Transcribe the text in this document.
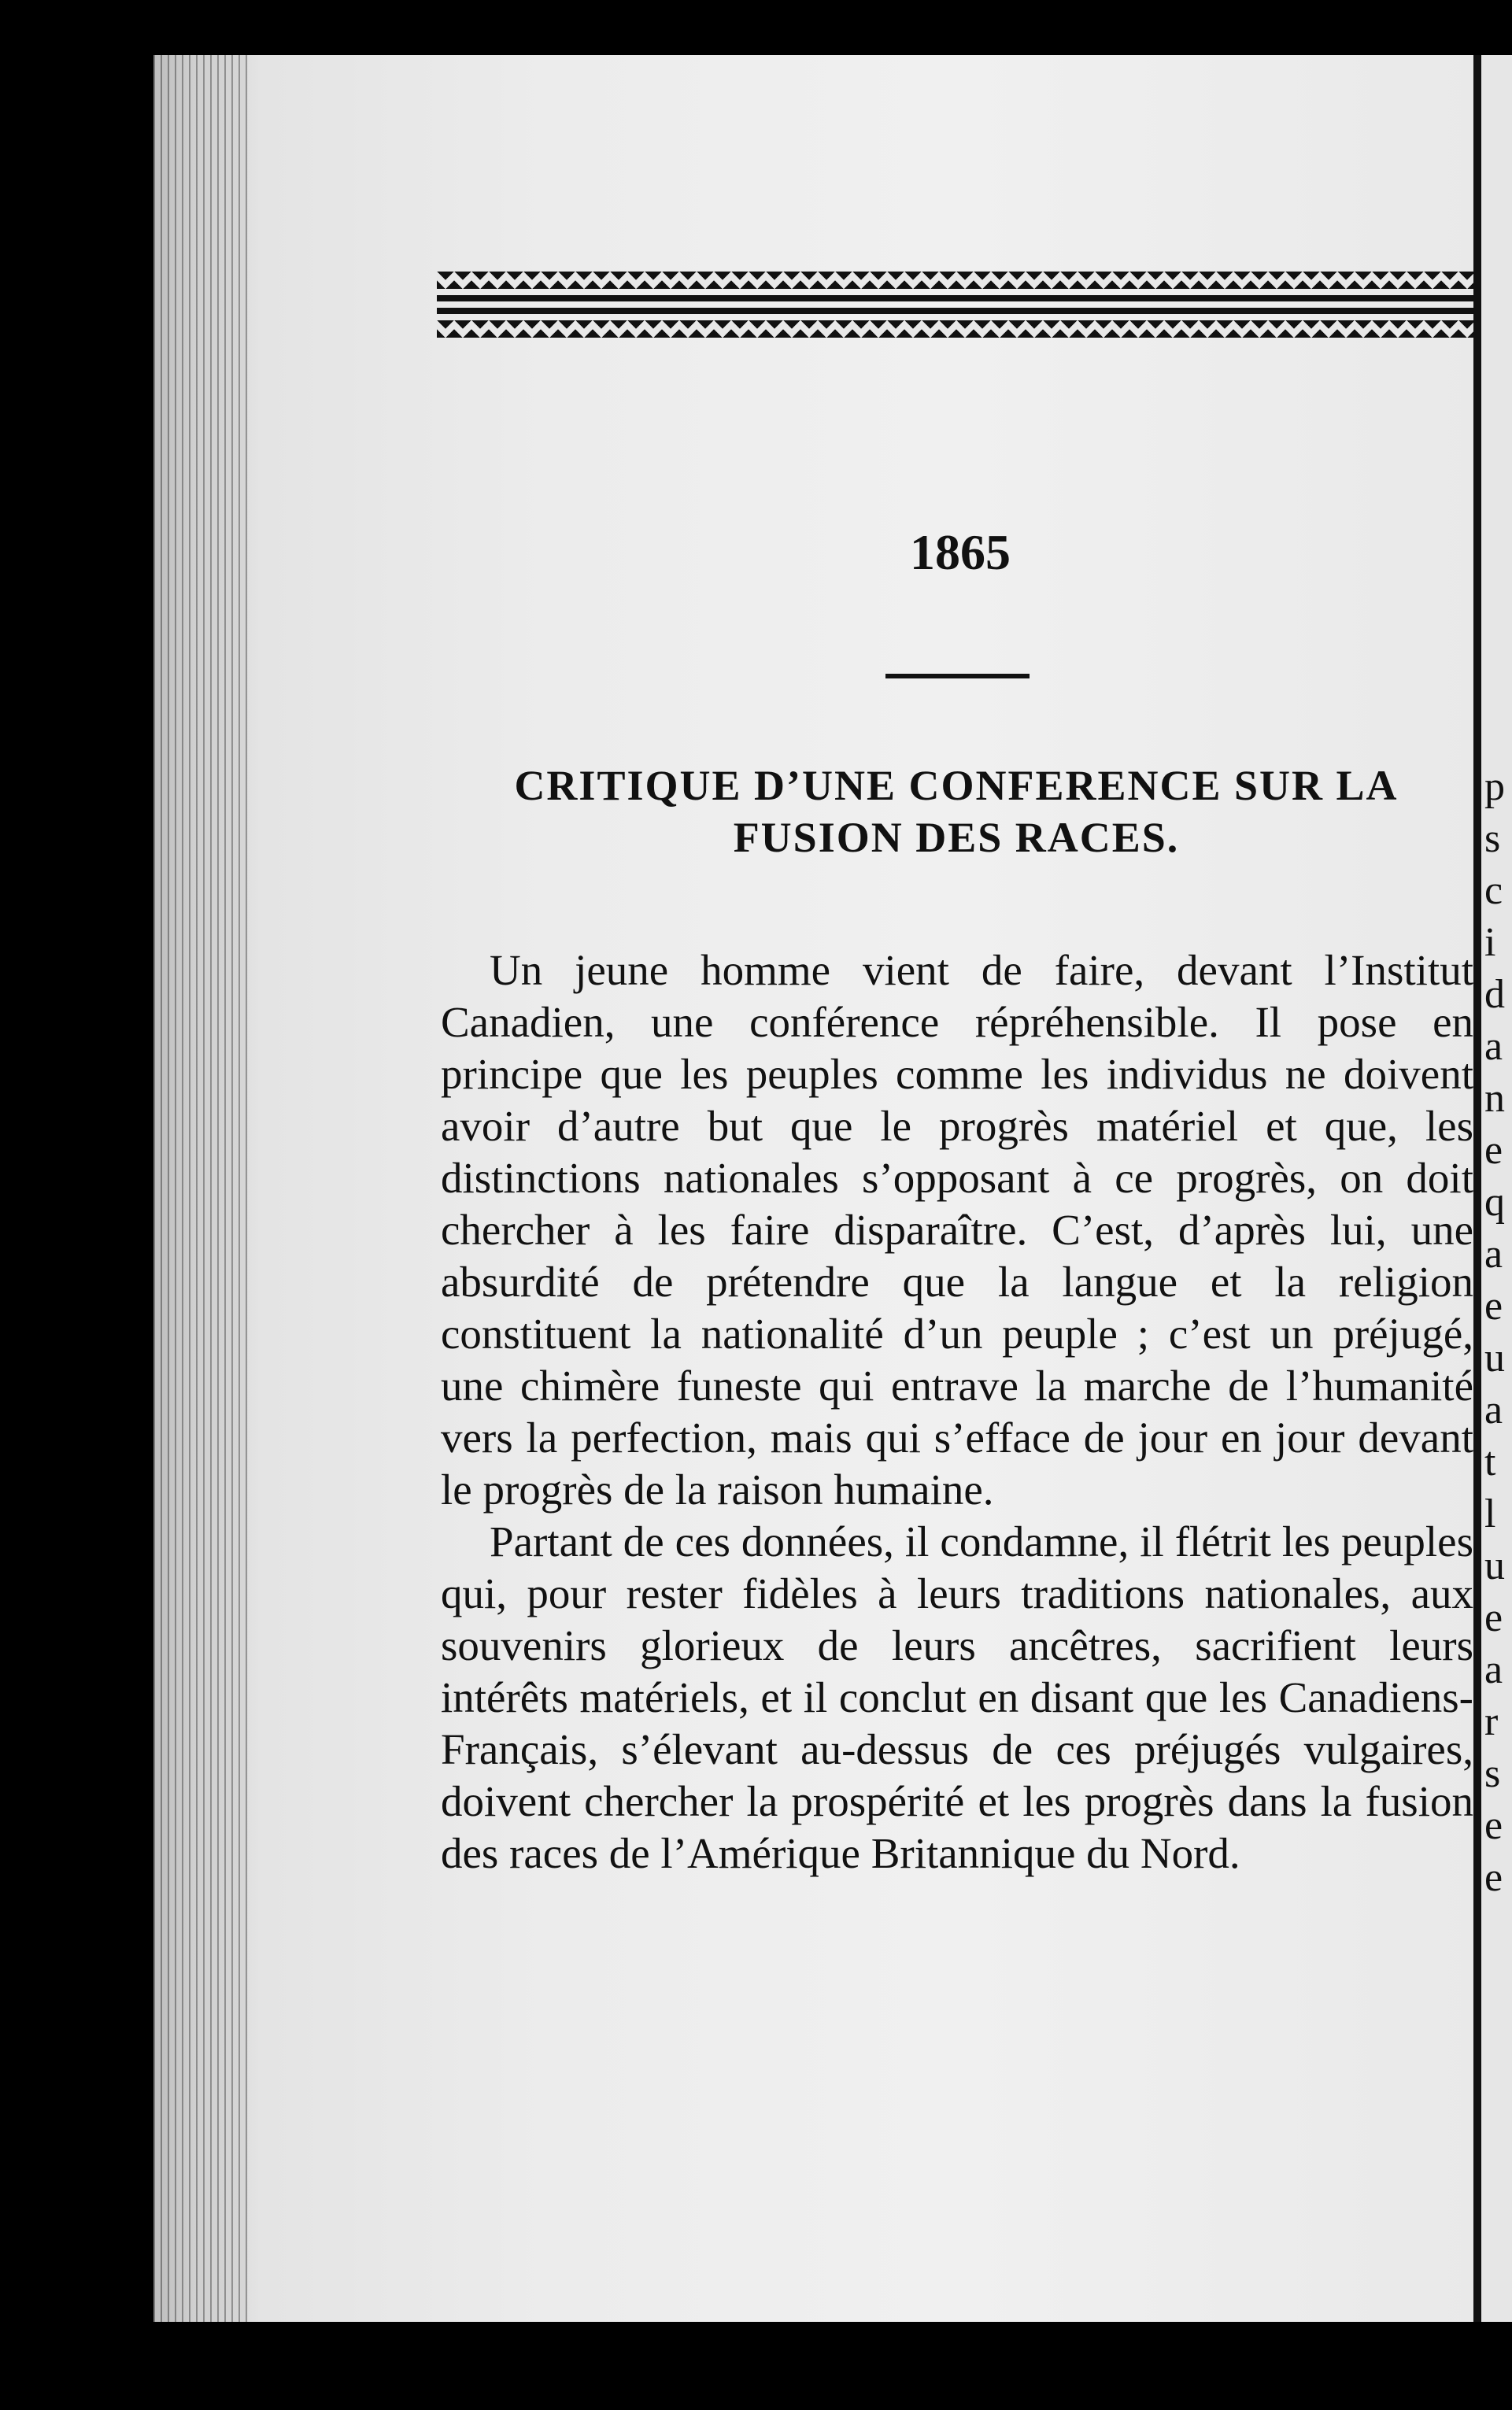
1865
CRITIQUE D’UNE CONFERENCE SUR LA
FUSION DES RACES.

Un jeune homme vient de faire, devant l’Institut Canadien, une conférence répréhensible. Il pose en principe que les peuples comme les individus ne doivent avoir d’autre but que le progrès matériel et que, les distinctions nationales s’opposant à ce progrès, on doit chercher à les faire disparaître. C’est, d’après lui, une absurdité de prétendre que la langue et la religion constituent la nationalité d’un peuple ; c’est un préjugé, une chimère funeste qui entrave la marche de l’humanité vers la perfection, mais qui s’efface de jour en jour devant le progrès de la raison humaine.

Partant de ces données, il condamne, il flétrit les peuples qui, pour rester fidèles à leurs traditions nationales, aux souvenirs glorieux de leurs ancêtres, sacrifient leurs intérêts matériels, et il conclut en disant que les Canadiens-Français, s’élevant au-dessus de ces préjugés vulgaires, doivent chercher la prospérité et les progrès dans la fusion des races de l’Amérique Britannique du Nord.

p
s
c
i
d
a
n
e
q
a
e
u
a
t
l
u
e
a
r
s
e
e
